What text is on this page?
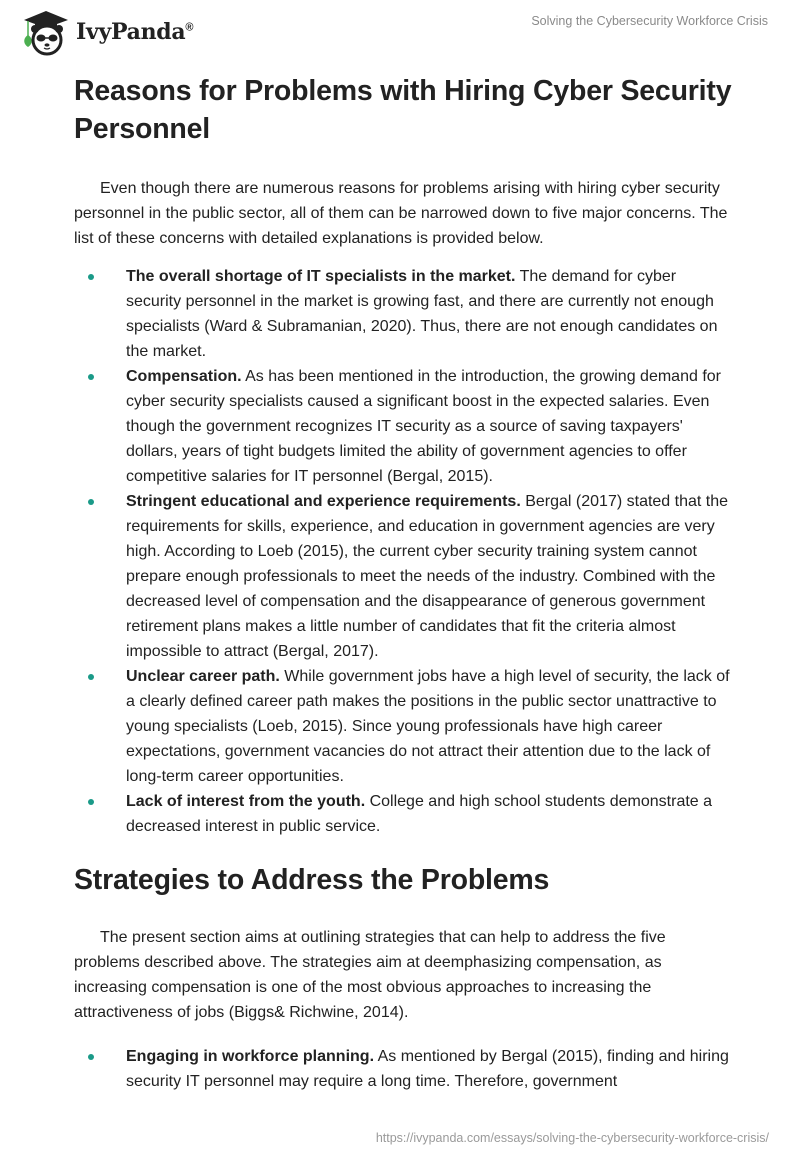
IvyPanda®	Solving the Cybersecurity Workforce Crisis
Reasons for Problems with Hiring Cyber Security Personnel

Even though there are numerous reasons for problems arising with hiring cyber security personnel in the public sector, all of them can be narrowed down to five major concerns. The list of these concerns with detailed explanations is provided below.

The overall shortage of IT specialists in the market. The demand for cyber security personnel in the market is growing fast, and there are currently not enough specialists (Ward & Subramanian, 2020). Thus, there are not enough candidates on the market.
Compensation. As has been mentioned in the introduction, the growing demand for cyber security specialists caused a significant boost in the expected salaries. Even though the government recognizes IT security as a source of saving taxpayers' dollars, years of tight budgets limited the ability of government agencies to offer competitive salaries for IT personnel (Bergal, 2015).
Stringent educational and experience requirements. Bergal (2017) stated that the requirements for skills, experience, and education in government agencies are very high. According to Loeb (2015), the current cyber security training system cannot prepare enough professionals to meet the needs of the industry. Combined with the decreased level of compensation and the disappearance of generous government retirement plans makes a little number of candidates that fit the criteria almost impossible to attract (Bergal, 2017).
Unclear career path. While government jobs have a high level of security, the lack of a clearly defined career path makes the positions in the public sector unattractive to young specialists (Loeb, 2015). Since young professionals have high career expectations, government vacancies do not attract their attention due to the lack of long-term career opportunities.
Lack of interest from the youth. College and high school students demonstrate a decreased interest in public service.
Strategies to Address the Problems

The present section aims at outlining strategies that can help to address the five problems described above. The strategies aim at deemphasizing compensation, as increasing compensation is one of the most obvious approaches to increasing the attractiveness of jobs (Biggs& Richwine, 2014).

Engaging in workforce planning. As mentioned by Bergal (2015), finding and hiring security IT personnel may require a long time. Therefore, government
https://ivypanda.com/essays/solving-the-cybersecurity-workforce-crisis/
